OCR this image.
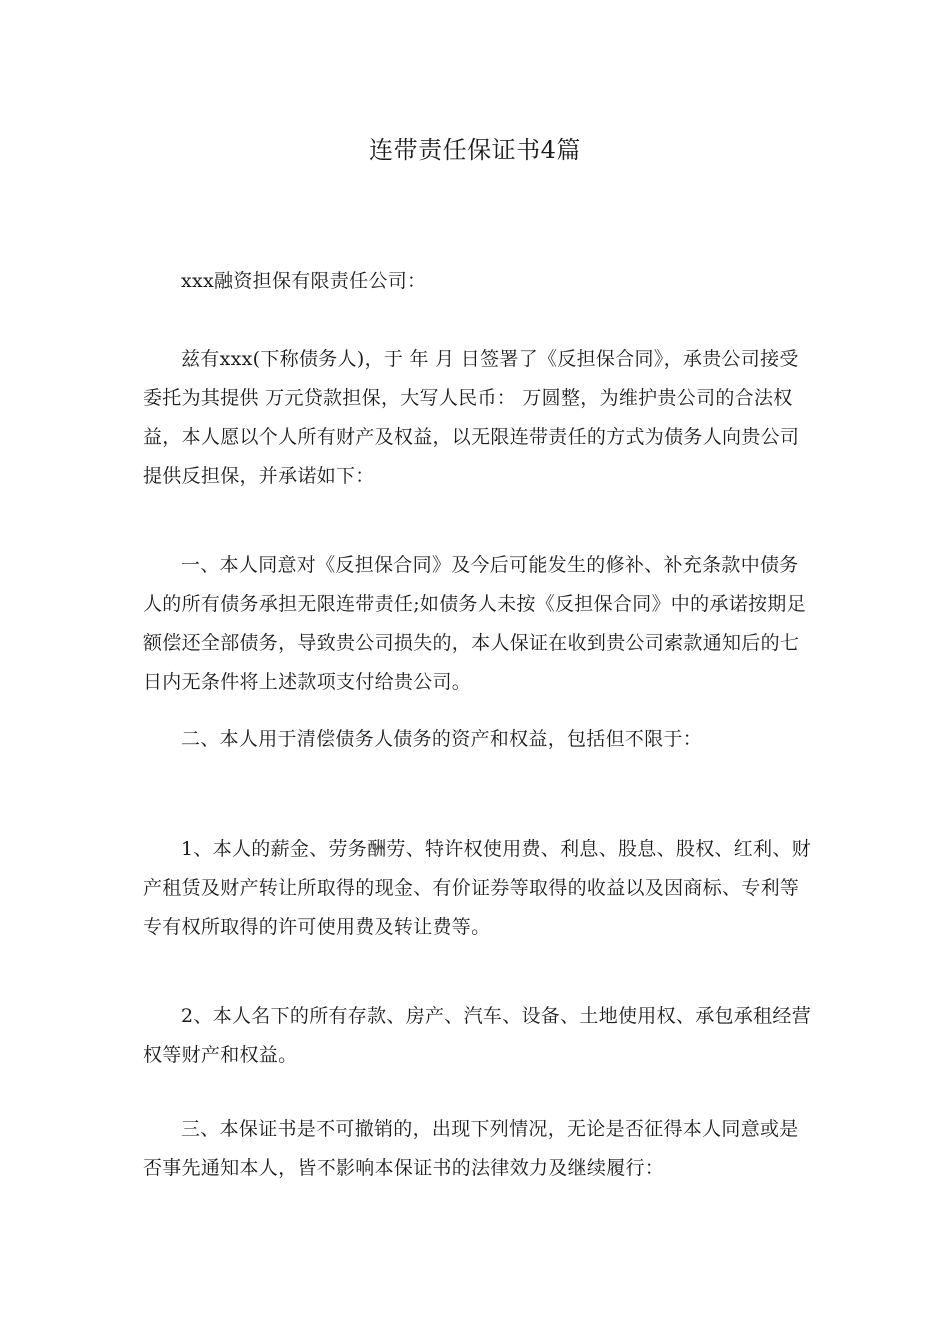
连带责任保证书4篇

xxx融资担保有限责任公司：

兹有xxx(下称债务人)，于 年 月 日签署了《反担保合同》，承贵公司接受委托为其提供 万元贷款担保，大写人民币： 万圆整，为维护贵公司的合法权益，本人愿以个人所有财产及权益，以无限连带责任的方式为债务人向贵公司提供反担保，并承诺如下：

一、本人同意对《反担保合同》及今后可能发生的修补、补充条款中债务人的所有债务承担无限连带责任;如债务人未按《反担保合同》中的承诺按期足额偿还全部债务，导致贵公司损失的，本人保证在收到贵公司索款通知后的七日内无条件将上述款项支付给贵公司。

二、本人用于清偿债务人债务的资产和权益，包括但不限于：

1、本人的薪金、劳务酬劳、特许权使用费、利息、股息、股权、红利、财产租赁及财产转让所取得的现金、有价证券等取得的收益以及因商标、专利等专有权所取得的许可使用费及转让费等。

2、本人名下的所有存款、房产、汽车、设备、土地使用权、承包承租经营权等财产和权益。

三、本保证书是不可撤销的，出现下列情况，无论是否征得本人同意或是否事先通知本人，皆不影响本保证书的法律效力及继续履行：
